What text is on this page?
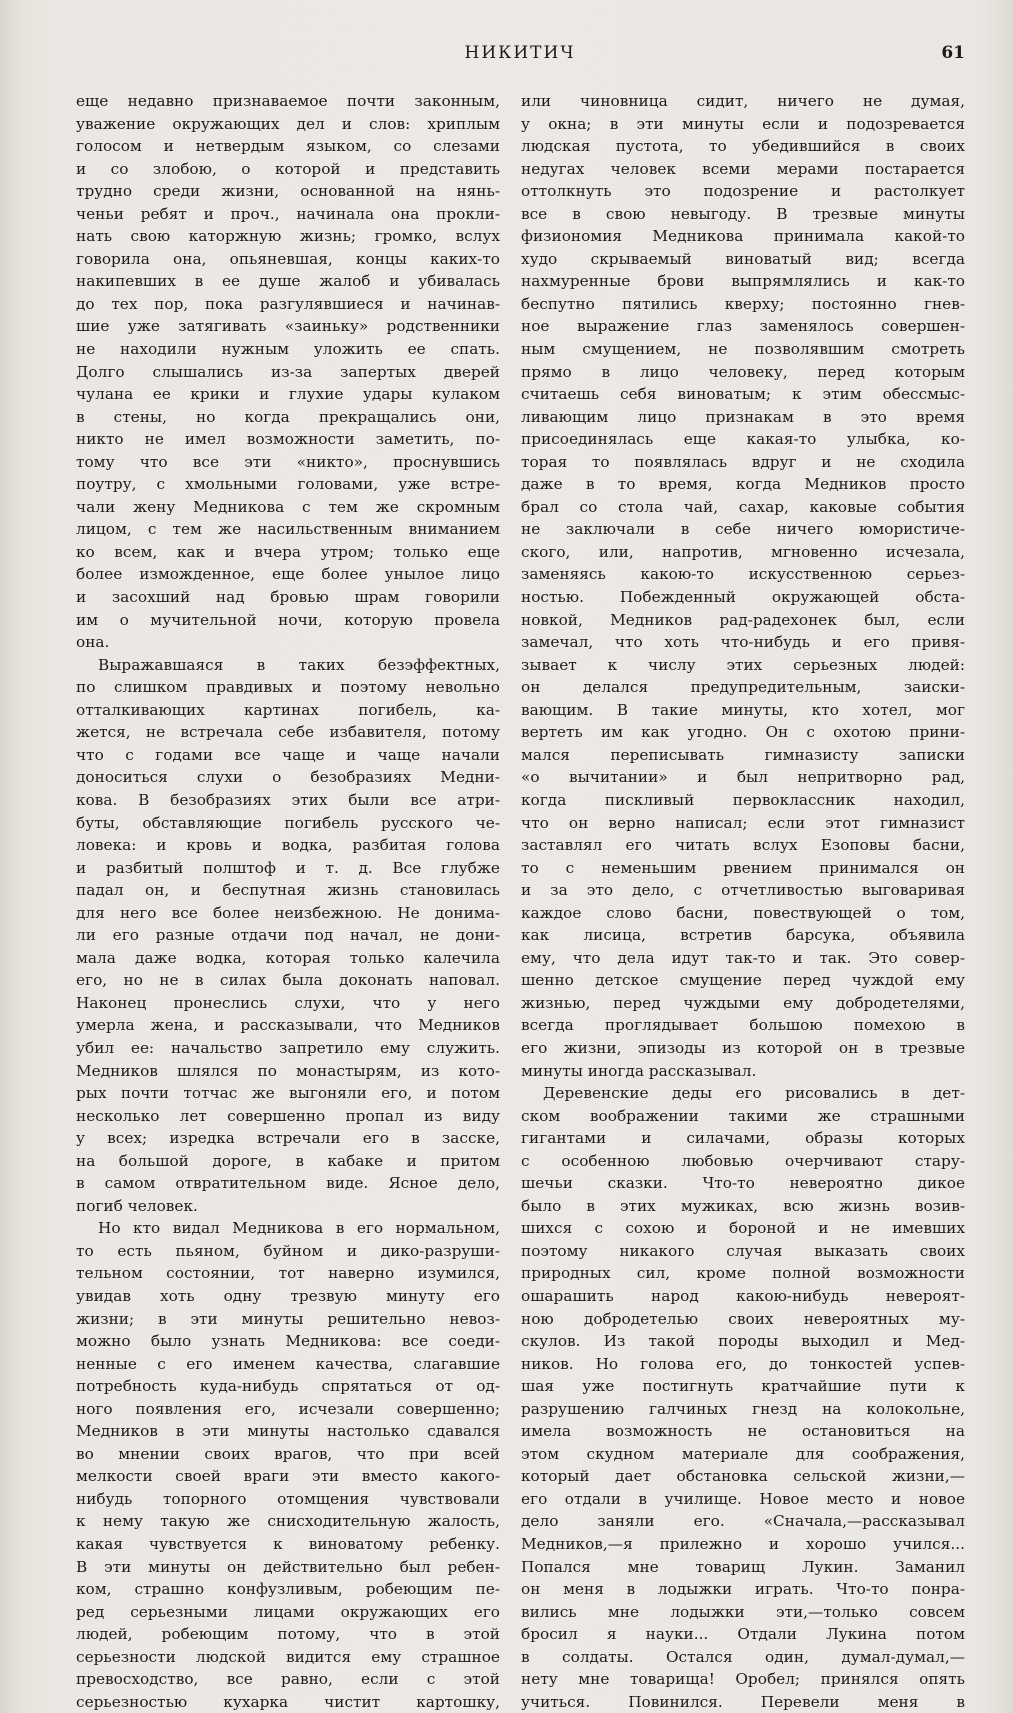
НИКИТИЧ	61
еще недавно признаваемое почти законным,
уважение окружающих дел и слов: хриплым
голосом и нетвердым языком, со слезами
и со злобою, о которой и представить
трудно среди жизни, основанной на нянь-
ченьи ребят и проч., начинала она прокли-
нать свою каторжную жизнь; громко, вслух
говорила она, опьяневшая, концы каких-то
накипевших в ее душе жалоб и убивалась
до тех пор, пока разгулявшиеся и начинав-
шие уже затягивать «заиньку» родственники
не находили нужным уложить ее спать.
Долго слышались из-за запертых дверей
чулана ее крики и глухие удары кулаком
в стены, но когда прекращались они,
никто не имел возможности заметить, по-
тому что все эти «никто», проснувшись
поутру, с хмольными головами, уже встре-
чали жену Медникова с тем же скромным
лицом, с тем же насильственным вниманием
ко всем, как и вчера утром; только еще
более изможденное, еще более унылое лицо
и засохший над бровью шрам говорили
им о мучительной ночи, которую провела
она.
Выражавшаяся в таких безэффектных,
по слишком правдивых и поэтому невольно
отталкивающих картинах погибель, ка-
жется, не встречала себе избавителя, потому
что с годами все чаще и чаще начали
доноситься слухи о безобразиях Медни-
кова. В безобразиях этих были все атри-
буты, обставляющие погибель русского че-
ловека: и кровь и водка, разбитая голова
и разбитый полштоф и т. д. Все глубже
падал он, и беспутная жизнь становилась
для него все более неизбежною. Не донима-
ли его разные отдачи под начал, не дони-
мала даже водка, которая только калечила
его, но не в силах была доконать наповал.
Наконец пронеслись слухи, что у него
умерла жена, и рассказывали, что Медников
убил ее: начальство запретило ему служить.
Медников шлялся по монастырям, из кото-
рых почти тотчас же выгоняли его, и потом
несколько лет совершенно пропал из виду
у всех; изредка встречали его в засске,
на большой дороге, в кабаке и притом
в самом отвратительном виде. Ясное дело,
погиб человек.
Но кто видал Медникова в его нормальном,
то есть пьяном, буйном и дико-разруши-
тельном состоянии, тот наверно изумился,
увидав хоть одну трезвую минуту его
жизни; в эти минуты решительно невоз-
можно было узнать Медникова: все соеди-
ненные с его именем качества, слагавшие
потребность куда-нибудь спрятаться от од-
ного появления его, исчезали совершенно;
Медников в эти минуты настолько сдавался
во мнении своих врагов, что при всей
мелкости своей враги эти вместо какого-
нибудь топорного отомщения чувствовали
к нему такую же снисходительную жалость,
какая чувствуется к виноватому ребенку.
В эти минуты он действительно был ребен-
ком, страшно конфузливым, робеющим пе-
ред серьезными лицами окружающих его
людей, робеющим потому, что в этой
серьезности людской видится ему страшное
превосходство, все равно, если с этой
серьезностью кухарка чистит картошку,
или чиновница сидит, ничего не думая,
у окна; в эти минуты если и подозревается
людская пустота, то убедившийся в своих
недугах человек всеми мерами постарается
оттолкнуть это подозрение и растолкует
все в свою невыгоду. В трезвые минуты
физиономия Медникова принимала какой-то
худо скрываемый виноватый вид; всегда
нахмуренные брови выпрямлялись и как-то
беспутно пятились кверху; постоянно гнев-
ное выражение глаз заменялось совершен-
ным смущением, не позволявшим смотреть
прямо в лицо человеку, перед которым
считаешь себя виноватым; к этим обессмыс-
ливающим лицо признакам в это время
присоединялась еще какая-то улыбка, ко-
торая то появлялась вдруг и не сходила
даже в то время, когда Медников просто
брал со стола чай, сахар, каковые события
не заключали в себе ничего юмористиче-
ского, или, напротив, мгновенно исчезала,
заменяясь какою-то искусственною серьез-
ностью. Побежденный окружающей обста-
новкой, Медников рад-радехонек был, если
замечал, что хоть что-нибудь и его привя-
зывает к числу этих серьезных людей:
он делался предупредительным, заиски-
вающим. В такие минуты, кто хотел, мог
вертеть им как угодно. Он с охотою прини-
мался переписывать гимназисту записки
«о вычитании» и был непритворно рад,
когда пискливый первоклассник находил,
что он верно написал; если этот гимназист
заставлял его читать вслух Езоповы басни,
то с неменьшим рвением принимался он
и за это дело, с отчетливостью выговаривая
каждое слово басни, повествующей о том,
как лисица, встретив барсука, объявила
ему, что дела идут так-то и так. Это совер-
шенно детское смущение перед чуждой ему
жизнью, перед чуждыми ему добродетелями,
всегда проглядывает большою помехою в
его жизни, эпизоды из которой он в трезвые
минуты иногда рассказывал.
Деревенские деды его рисовались в дет-
ском воображении такими же страшными
гигантами и силачами, образы которых
с особенною любовью очерчивают стару-
шечьи сказки. Что-то невероятно дикое
было в этих мужиках, всю жизнь возив-
шихся с сохою и бороной и не имевших
поэтому никакого случая выказать своих
природных сил, кроме полной возможности
ошарашить народ какою-нибудь невероят-
ною добродетелью своих невероятных му-
скулов. Из такой породы выходил и Мед-
ников. Но голова его, до тонкостей успев-
шая уже постигнуть кратчайшие пути к
разрушению галчиных гнезд на колокольне,
имела возможность не остановиться на
этом скудном материале для соображения,
который дает обстановка сельской жизни,—
его отдали в училище. Новое место и новое
дело заняли его. «Сначала,—рассказывал
Медников,—я прилежно и хорошо учился...
Попался мне товарищ Лукин. Заманил
он меня в лодыжки играть. Что-то понра-
вились мне лодыжки эти,—только совсем
бросил я науки... Отдали Лукина потом
в солдаты. Остался один, думал-думал,—
нету мне товарища! Оробел; принялся опять
учиться. Повинился. Перевели меня в
